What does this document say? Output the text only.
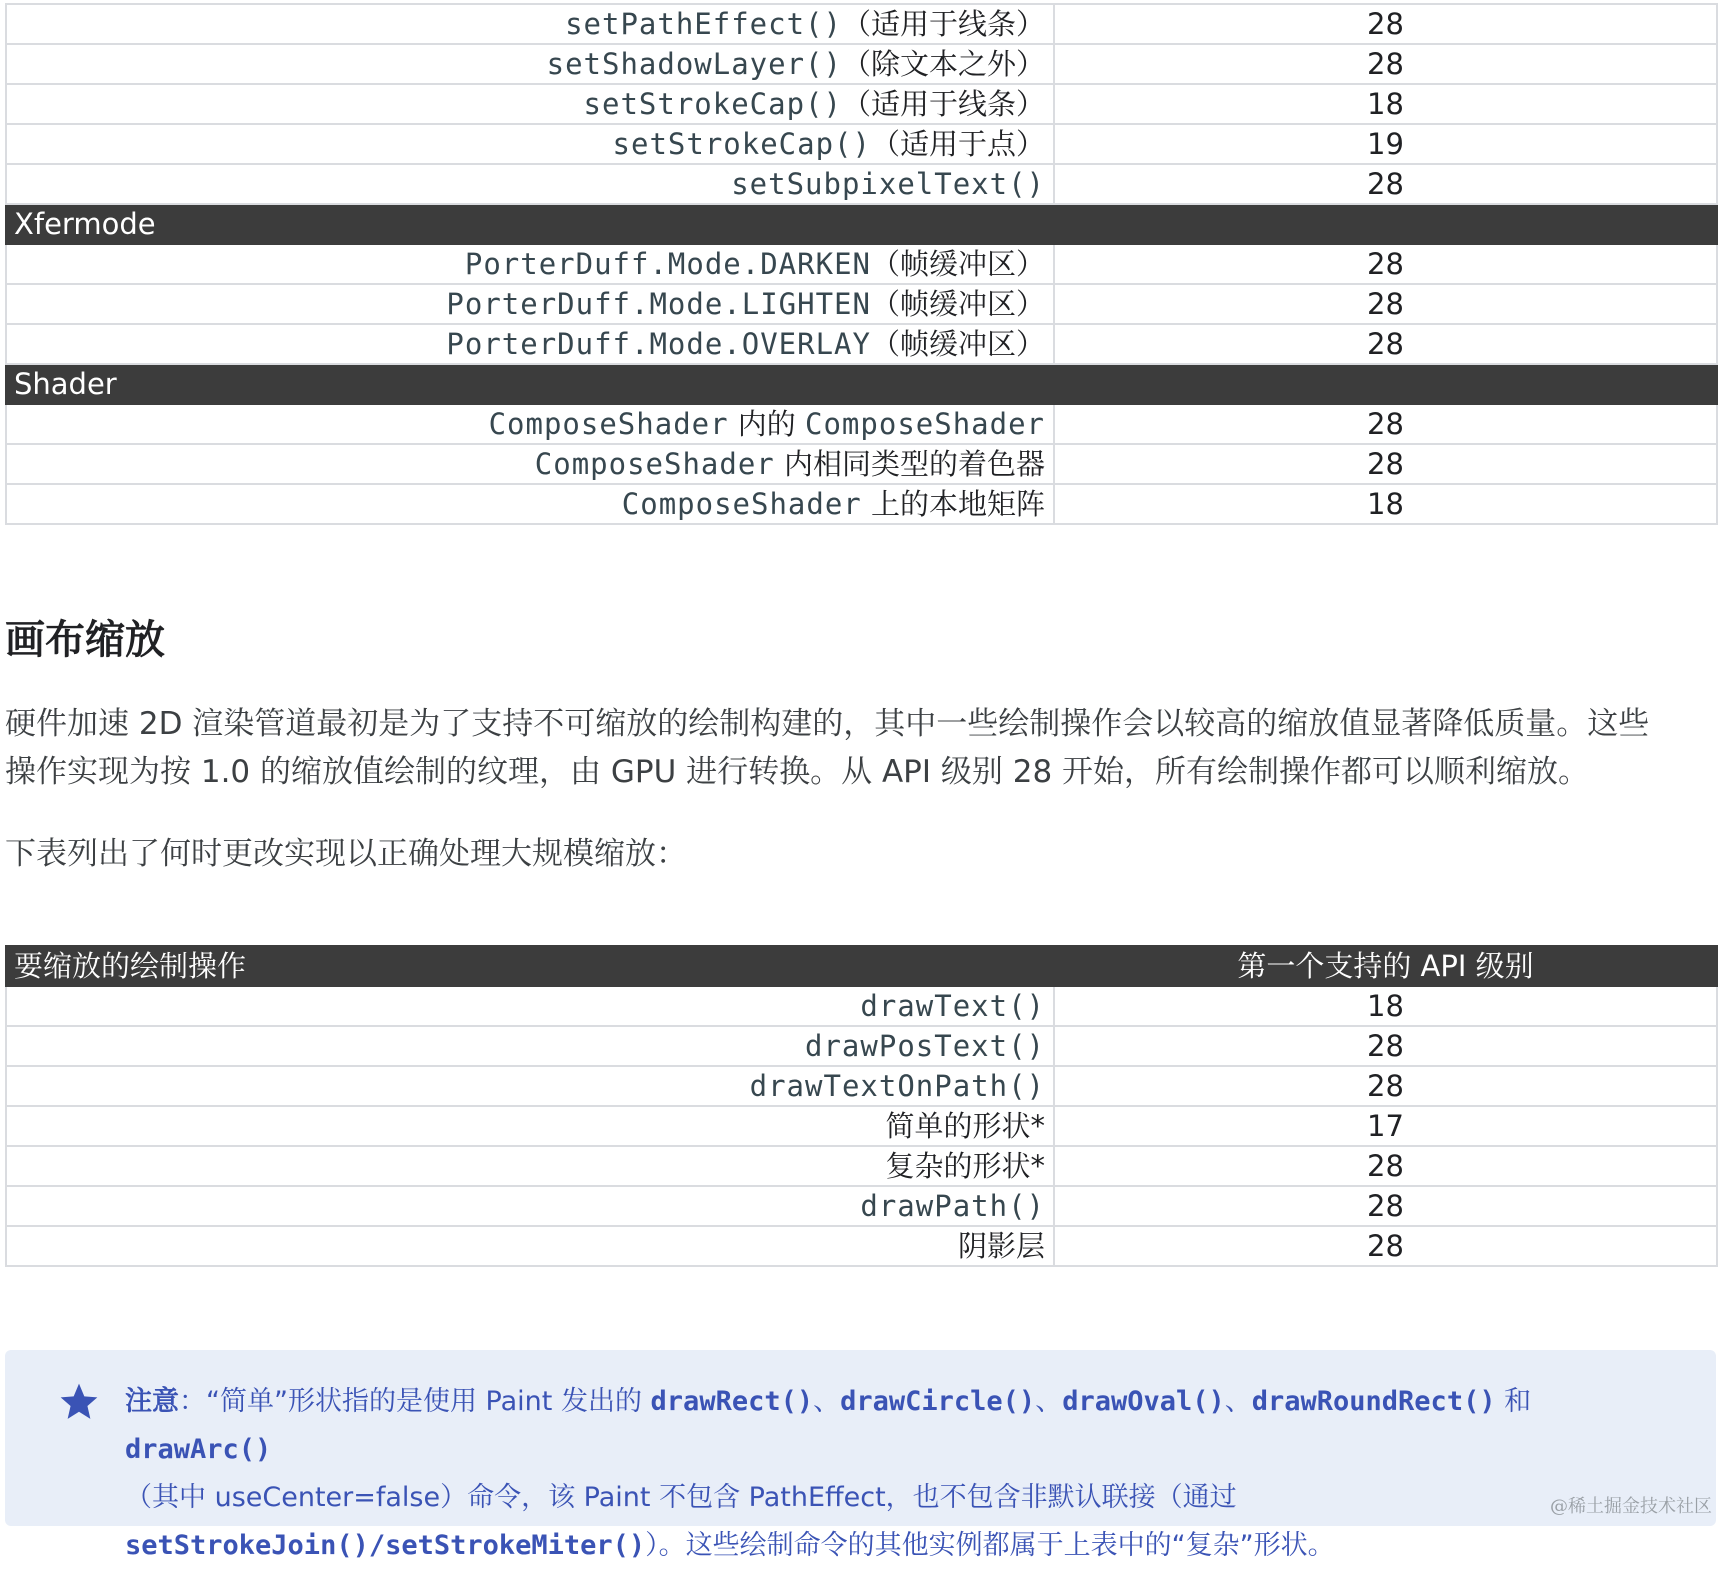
setPathEffect()（适用于线条）	28
setShadowLayer()（除文本之外）	28
setStrokeCap()（适用于线条）	18
setStrokeCap()（适用于点）	19
setSubpixelText()	28
Xfermode	
PorterDuff.Mode.DARKEN（帧缓冲区）	28
PorterDuff.Mode.LIGHTEN（帧缓冲区）	28
PorterDuff.Mode.OVERLAY（帧缓冲区）	28
Shader	
ComposeShader 内的 ComposeShader	28
ComposeShader 内相同类型的着色器	28
ComposeShader 上的本地矩阵	18
画布缩放

硬件加速 2D 渲染管道最初是为了支持不可缩放的绘制构建的，其中一些绘制操作会以较高的缩放值显著降低质量。这些
操作实现为按 1.0 的缩放值绘制的纹理，由 GPU 进行转换。从 API 级别 28 开始，所有绘制操作都可以顺利缩放。

下表列出了何时更改实现以正确处理大规模缩放：

要缩放的绘制操作	第一个支持的 API 级别
drawText()	18
drawPosText()	28
drawTextOnPath()	28
简单的形状*	17
复杂的形状*	28
drawPath()	28
阴影层	28
注意：“简单”形状指的是使用 Paint 发出的 drawRect()、drawCircle()、drawOval()、drawRoundRect() 和 drawArc()
（其中 useCenter=false）命令，该 Paint 不包含 PathEffect，也不包含非默认联接（通过
setStrokeJoin()/setStrokeMiter()）。这些绘制命令的其他实例都属于上表中的“复杂”形状。
@稀土掘金技术社区
